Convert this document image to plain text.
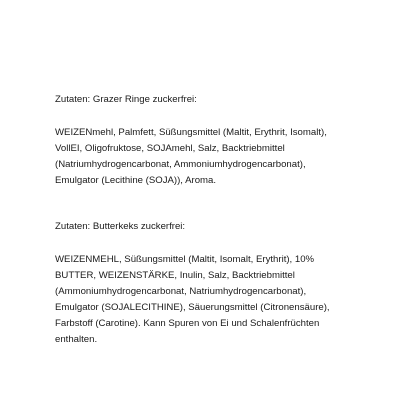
Zutaten: Grazer Ringe zuckerfrei:

WEIZENmehl, Palmfett, Süßungsmittel (Maltit, Erythrit, Isomalt),

VollEI, Oligofruktose, SOJAmehl, Salz, Backtriebmittel

(Natriumhydrogencarbonat, Ammoniumhydrogencarbonat),

Emulgator (Lecithine (SOJA)), Aroma.

Zutaten: Butterkeks zuckerfrei:

WEIZENMEHL, Süßungsmittel (Maltit, Isomalt, Erythrit), 10%

BUTTER, WEIZENSTÄRKE, Inulin, Salz, Backtriebmittel

(Ammoniumhydrogencarbonat, Natriumhydrogencarbonat),

Emulgator (SOJALECITHINE), Säuerungsmittel (Citronensäure),

Farbstoff (Carotine). Kann Spuren von Ei und Schalenfrüchten

enthalten.
